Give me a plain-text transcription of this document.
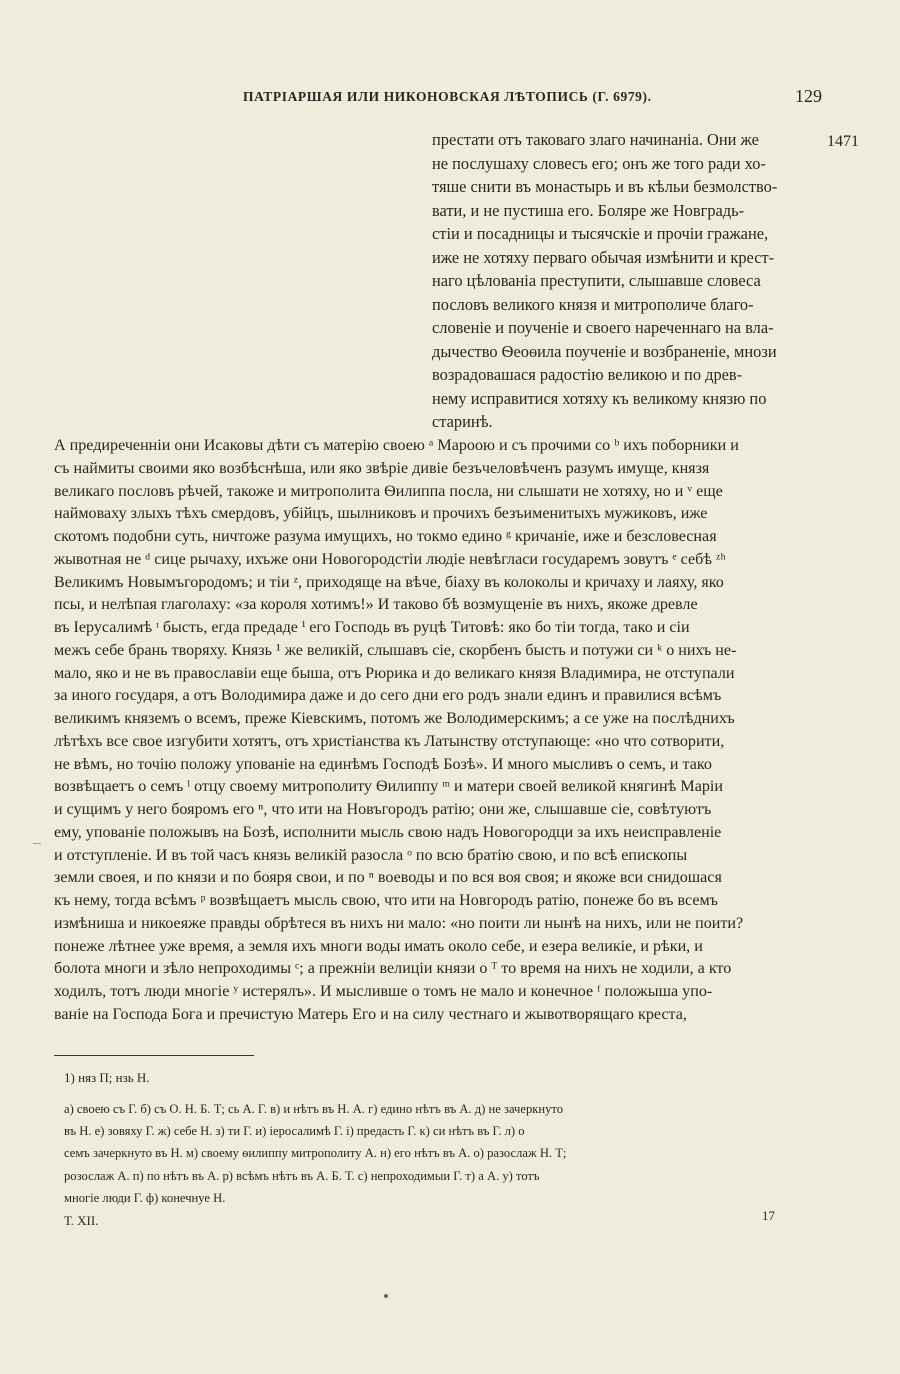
ПАТРІАРШАЯ ИЛИ НИКОНОВСКАЯ ЛѢТОПИСЬ (Г. 6979).	129
1471
престати отъ таковаго злаго начинаніа. Они же
не послушаху словесъ его; онъ же того ради хо-
тяше снити въ монастырь и въ кѣльи безмолство-
вати, и не пустиша его. Боляре же Новградь-
стіи и посадницы и тысячскіе и прочіи гражане,
иже не хотяху перваго обычая измѣнити и крест-
наго цѣлованіа преступити, слышавше словеса
пословъ великого князя и митрополиче благо-
словеніе и поученіе и своего нареченнаго на вла-
дычество Ѳеоѳила поученіе и возбраненіе, мнози
возрадовашася радостію великою и по древ-
нему исправитися хотяху къ великому князю по
старинѣ.
А предиреченніи они Исаковы дѣти съ матерію своею ᵃ Мароою и съ прочими со ᵇ ихъ поборники и
съ наймиты своими яко возбѣснѣша, или яко звѣріе дивіе безъчеловѣченъ разумъ имуще, князя
великаго пословъ рѣчей, такоже и митрополита Ѳилиппа посла, ни слышати не хотяху, но и ᵛ еще
наймоваху злыхъ тѣхъ смердовъ, убійцъ, шылниковъ и прочихъ безъименитыхъ мужиковъ, иже
скотомъ подобни суть, ничтоже разума имущихъ, но токмо едино ᵍ кричаніе, иже и безсловесная
жывотная не ᵈ сице рычаху, ихъже они Новогородстіи людіе невѣгласи государемъ зовутъ ᵉ себѣ ᶻʰ
Великимъ Новымъгородомъ; и тіи ᶻ, приходяще на вѣче, біаху въ колоколы и кричаху и лаяху, яко
псы, и нелѣпая глаголаху: «за короля хотимъ!» И таково бѣ возмущеніе въ нихъ, якоже древле
въ Іерусалимѣ ᶦ бысть, егда предаде ⁱ его Господь въ руцѣ Титовѣ: яко бо тіи тогда, тако и сіи
межъ себе брань творяху. Князь ¹ же великій, слышавъ сіе, скорбенъ бысть и потужи си ᵏ о нихъ не-
мало, яко и не въ православіи еще быша, отъ Рюрика и до великаго князя Владимира, не отступали
за иного государя, а отъ Володимира даже и до сего дни его родъ знали единъ и правилися всѣмъ
великимъ княземъ о всемъ, преже Кіевскимъ, потомъ же Володимерскимъ; а се уже на послѣднихъ
лѣтѣхъ все свое изгубити хотятъ, отъ христіанства къ Латынству отступающе: «но что сотворити,
не вѣмъ, но точію положу упованіе на единѣмъ Господѣ Бозѣ». И много мысливъ о семъ, и тако
возвѣщаетъ о семъ ˡ отцу своему митрополиту Ѳилиппу ᵐ и матери своей великой княгинѣ Маріи
и сущимъ у него бояромъ его ⁿ, что ити на Новъгородъ ратію; они же, слышавше сіе, совѣтуютъ
ему, упованіе положывъ на Бозѣ, исполнити мысль свою надъ Новогородци за ихъ неисправленіе
и отступленіе. И въ той часъ князь великій разосла ᵒ по всю братію свою, и по всѣ епископы
земли своея, и по князи и по бояря свои, и по ⁿ воеводы и по вся воя своя; и якоже вси снидошася
къ нему, тогда всѣмъ ᵖ возвѣщаетъ мысль свою, что ити на Новгородъ ратію, понеже бо въ всемъ
измѣниша и никоеяже правды обрѣтеся въ нихъ ни мало: «но поити ли нынѣ на нихъ, или не поити?
понеже лѣтнее уже время, а земля ихъ многи воды имать около себе, и езера великіе, и рѣки, и
болота многи и зѣло непроходимы ᶜ; а прежніи велиціи князи о ᵀ то время на нихъ не ходили, а кто
ходилъ, тотъ люди многіе ʸ истерялъ». И мысливше о томъ не мало и конечное ᶠ положыша упо-
ваніе на Господа Бога и пречистую Матерь Его и на силу честнаго и жывотворящаго креста,
1) няз П; нзь Н.
а) своею съ Г. б) съ О. Н. Б. Т; сь А. Г. в) и нѣтъ въ Н. А. г) едино нѣтъ въ А. д) не зачеркнуто
въ Н. е) зовяху Г. ж) себе Н. з) ти Г. и) іеросалимѣ Г. і) предасть Г. к) си нѣтъ въ Г. л) о
семъ зачеркнуто въ Н. м) своему ѳилиппу митрополиту А. н) его нѣтъ въ А. о) разослаж Н. Т;
розослаж А. п) по нѣтъ въ А. р) всѣмъ нѣтъ въ А. Б. Т. с) непроходимыи Г. т) а А. у) тотъ
многіе люди Г. ф) конечнуе Н.
Т. XII.	17
